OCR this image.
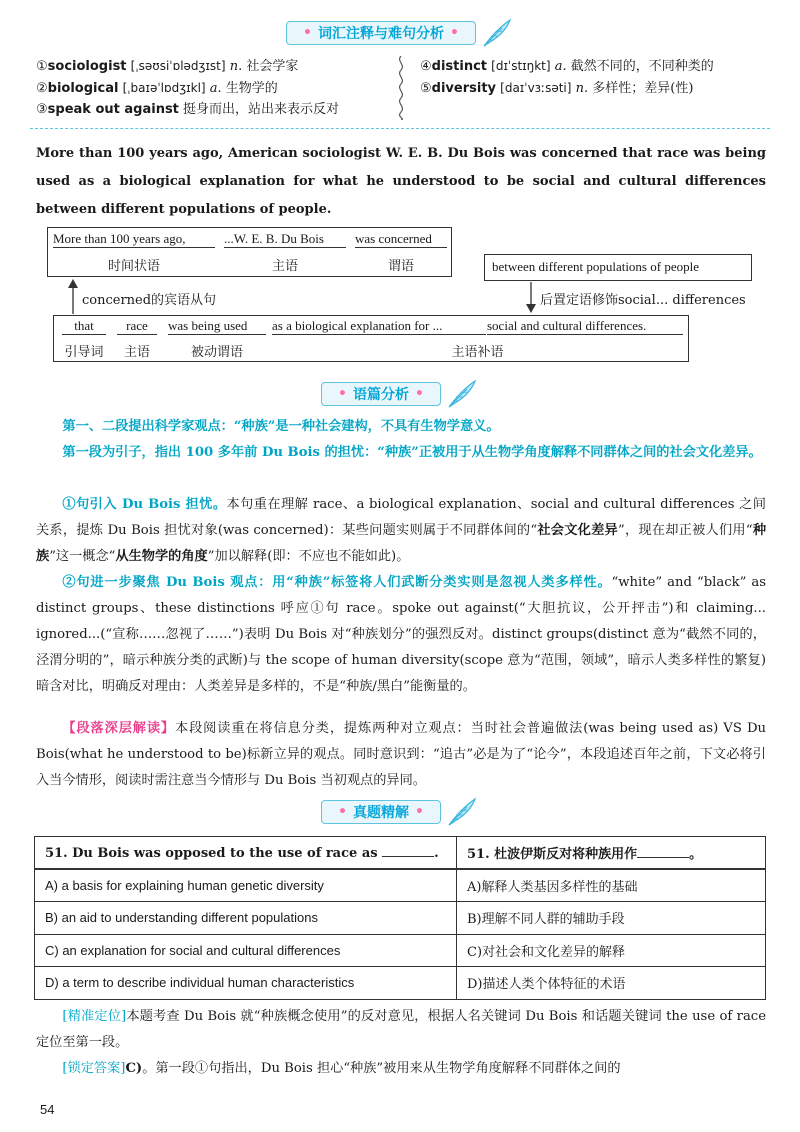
• 词汇注释与难句分析 •
①sociologist [ˌsəʊsiˈɒlədʒɪst] n. 社会学家
②biological [ˌbaɪəˈlɒdʒɪkl] a. 生物学的
③speak out against 挺身而出，站出来表示反对
④distinct [dɪˈstɪŋkt] a. 截然不同的，不同种类的
⑤diversity [daɪˈvɜːsəti] n. 多样性；差异(性)
More than 100 years ago, American sociologist W. E. B. Du Bois was concerned that race was being used as a biological explanation for what he understood to be social and cultural differences between different populations of people.
More than 100 years ago,	...W. E. B. Du Bois	was concerned
时间状语	主语	谓语	between different populations of people
concerned的宾语从句	后置定语修饰social... differences
that	race	was being used	as a biological explanation for ...	social and cultural differences.
引导词	主语	被动谓语	主语补语
• 语篇分析 •
第一、二段提出科学家观点：“种族”是一种社会建构，不具有生物学意义。
第一段为引子，指出 100 多年前 Du Bois 的担忧：“种族”正被用于从生物学角度解释不同群体之间的社会文化差异。
①句引入 Du Bois 担忧。本句重在理解 race、a biological explanation、social and cultural differences 之间关系，提炼 Du Bois 担忧对象(was concerned)：某些问题实则属于不同群体间的“社会文化差异”，现在却正被人们用“种族”这一概念“从生物学的角度”加以解释(即：不应也不能如此)。
②句进一步聚焦 Du Bois 观点：用“种族”标签将人们武断分类实则是忽视人类多样性。“white” and “black” as distinct groups、these distinctions 呼应①句 race。spoke out against(“大胆抗议，公开抨击”)和 claiming... ignored...(“宣称……忽视了……”)表明 Du Bois 对“种族划分”的强烈反对。distinct groups(distinct 意为“截然不同的，泾渭分明的”，暗示种族分类的武断)与 the scope of human diversity(scope 意为“范围，领域”，暗示人类多样性的繁复)暗含对比，明确反对理由：人类差异是多样的，不是“种族/黑白”能衡量的。
【段落深层解读】本段阅读重在将信息分类，提炼两种对立观点：当时社会普遍做法(was being used as) VS Du Bois(what he understood to be)标新立异的观点。同时意识到：“追古”必是为了“论今”，本段追述百年之前，下文必将引入当今情形，阅读时需注意当今情形与 Du Bois 当初观点的异同。
• 真题精解 •
51. Du Bois was opposed to the use of race as .	51. 杜波伊斯反对将种族用作 。
A) a basis for explaining human genetic diversity	A)解释人类基因多样性的基础
B) an aid to understanding different populations	B)理解不同人群的辅助手段
C) an explanation for social and cultural differences	C)对社会和文化差异的解释
D) a term to describe individual human characteristics	D)描述人类个体特征的术语
[精准定位]本题考查 Du Bois 就“种族概念使用”的反对意见，根据人名关键词 Du Bois 和话题关键词 the use of race 定位至第一段。
[锁定答案]C)。第一段①句指出，Du Bois 担心“种族”被用来从生物学角度解释不同群体之间的
54
